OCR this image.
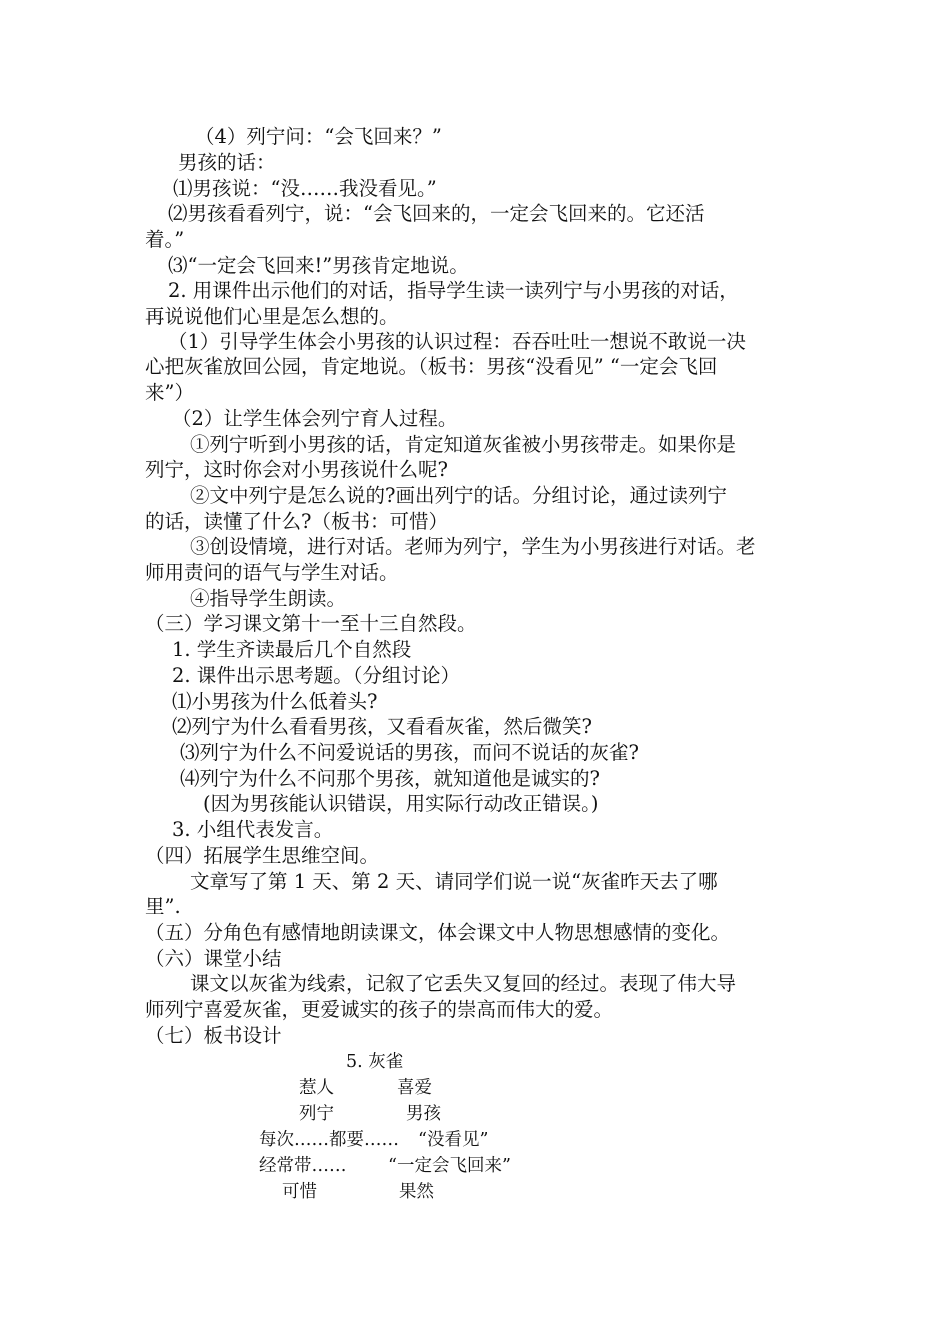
（4）列宁问：“会飞回来？”
男孩的话：
⑴男孩说：“没……我没看见。”
⑵男孩看看列宁，说：“会飞回来的，一定会飞回来的。它还活
着。”
⑶“一定会飞回来!”男孩肯定地说。
2. 用课件出示他们的对话，指导学生读一读列宁与小男孩的对话，
再说说他们心里是怎么想的。
（1）引导学生体会小男孩的认识过程：吞吞吐吐一想说不敢说一决
心把灰雀放回公园，肯定地说。（板书：男孩“没看见” “一定会飞回
来”）
（2）让学生体会列宁育人过程。
①列宁听到小男孩的话，肯定知道灰雀被小男孩带走。如果你是
列宁，这时你会对小男孩说什么呢?
②文中列宁是怎么说的?画出列宁的话。分组讨论，通过读列宁
的话，读懂了什么?（板书：可惜）
③创设情境，进行对话。老师为列宁，学生为小男孩进行对话。老
师用责问的语气与学生对话。
④指导学生朗读。
（三）学习课文第十一至十三自然段。
1. 学生齐读最后几个自然段
2. 课件出示思考题。（分组讨论）
⑴小男孩为什么低着头?
⑵列宁为什么看看男孩，又看看灰雀，然后微笑?
⑶列宁为什么不问爱说话的男孩，而问不说话的灰雀?
⑷列宁为什么不问那个男孩，就知道他是诚实的?
(因为男孩能认识错误，用实际行动改正错误。)
3. 小组代表发言。
（四）拓展学生思维空间。
文章写了第 1 天、第 2 天、请同学们说一说“灰雀昨天去了哪
里”.
（五）分角色有感情地朗读课文，体会课文中人物思想感情的变化。
（六）课堂小结
课文以灰雀为线索，记叙了它丢失又复回的经过。表现了伟大导
师列宁喜爱灰雀，更爱诚实的孩子的崇高而伟大的爱。
（七）板书设计
5. 灰雀
惹人	喜爱
列宁	男孩
每次……都要…… “没看见”
经常带…… “一定会飞回来”
可惜	果然
